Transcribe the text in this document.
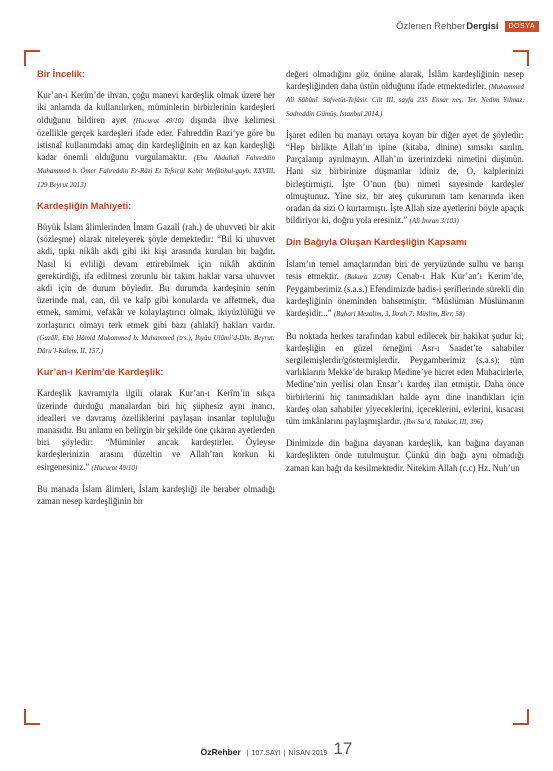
Özlenen Rehber Dergisi	DOSYA
Bir İncelik:

Kur’an-ı Kerîm’de ihvan, çoğu manevi kardeşlik olmak üzere her iki anlamda da kullanılırken, müminlerin birbirlerinin kardeşleri olduğunu bildiren ayet (Hucurat 49/10) dışında ihve kelimesi özellikle gerçek kardeşleri ifade eder. Fahreddin Razi’ye göre bu istisnaî kullanımdaki amaç din kardeşliğinin en az kan kardeşliği kadar önemli olduğunu vurgulamaktır. (Ebu Abdullah Fahreddin Muhammed b. Ömer Fahreddin Er-Râzi Et Tefsirül Kebir Mefâtihul-gayb, XXVIII, 129 Beyrut 2013)

Kardeşliğin Mahiyeti:

Büyük İslam âlimlerinden İmam Gazali (rah.) de uhuvveti bir akit (sözleşme) olarak niteleyerek şöyle demektedir: “Bil ki uhuvvet akdi, tıpkı nikâh akdi gibi iki kişi arasında kurulan bir bağdır. Nasıl ki evliliği devam ettirebilmek için nikâh akdinin gerektirdiği, ifa edilmesi zorunlu bir takım haklar varsa uhuvvet akdi için de durum böyledir. Bu durumda kardeşinin senin üzerinde mal, can, dil ve kalp gibi konularda ve affetmek, dua etmek, samimi, vefakâr ve kolaylaştırıcı olmak, ikiyüzlülüğü ve zorlaştırıcı olmayı terk etmek gibi bazı (ahlakî) hakları vardır. (Gazâlî, Ebû Hâmid Muhammed b. Muhammed (trs.), İhyâu Ulûmi’d-Dîn. Beyrut: Dâru’l-Kalem, II, 157.)

Kur’an-ı Kerim’de Kardeşlik:

Kardeşlik kavramıyla ilgili olarak Kur’an-ı Kerîm’in sıkça üzerinde durduğu manalardan biri hiç şüphesiz aynı inancı, idealleri ve davranış özelliklerini paylaşan insanlar topluluğu manasıdır. Bu anlamı en belirgin bir şekilde öne çıkaran ayetlerden biri şöyledir: “Müminler ancak kardeştirler. Öyleyse kardeşlerinizin arasını düzeltin ve Allah’tan korkun ki esirgenesiniz.” (Hucurat 49/10)

Bu manada İslam âlimleri, İslam kardeşliği ile beraber olmadığı zaman nesep kardeşliğinin bir

değeri olmadığını göz önüne alarak, İslâm kardeşliğinin nesep kardeşliğinden daha üstün olduğunu ifade etmektedirler. (Muhammed Ali Sâbûnî. Safvetüt-Tefâsir. Cilt III, sayfa 235 Ensar neş. Ter. Nedim Yılmaz, Sadreddin Gümüş, İstanbul 2014.)

İşaret edilen bu manayı ortaya koyan bir diğer ayet de şöyledir: “Hep birlikte Allah’ın ipine (kitaba, dinine) sımsıkı sarılın. Parçalanıp ayrılmayın. Allah’ın üzerinizdeki nimetini düşünün. Hani siz birbirinize düşmanlar idiniz de, O, kalplerinizi birleştirmişti. İşte O’nun (bu) nimeti sayesinde kardeşler olmuştunuz. Yine siz, bir ateş çukurunun tam kenarında iken oradan da sizi O kurtarmıştı. İşte Allah size ayetlerini böyle apaçık bildiriyor ki, doğru yola eresiniz.” (Ali İmran 3/103)

Din Bağıyla Oluşan Kardeşliğin Kapsamı

İslam’ın temel amaçlarından biri de yeryüzünde sulhu ve barışı tesis etmektir. (Bakara 2/208) Cenab-ı Hak Kur’an’ı Kerim’de, Peygamberimiz (s.a.s.) Efendimizde hadis-i şeriflerinde sürekli din kardeşliğinin öneminden bahsetmiştir. “Müslüman Müslümanın kardeşidir...” (Buhari Mezalim, 3, İkrah 7; Müslim, Birr, 58)

Bu noktada herkes tarafından kabul edilecek bir hakikat şudur ki; kardeşliğin en güzel örneğini Asr-ı Saadet’te sahabiler sergilemişlerdir/göstermişlerdir. Peygamberimiz (s.a.s); tüm varlıklarını Mekke’de bırakıp Medine’ye hicret eden Muhacirlerle, Medine’nin yerlisi olan Ensar’ı kardeş ilan etmiştir. Daha önce birbirlerini hiç tanımadıkları halde aynı dine inandıkları için kardeş olan sahabiler yiyeceklerini, içeceklerini, evlerini, kısacası tüm imkânlarını paylaşmışlardır. (İbn Sa’d, Tabakat, III, 396)

Dinimizde din bağına dayanan kardeşlik, kan bağına dayanan kardeşlikten önde tutulmuştur. Çünkü din bağı aynı olmadığı zaman kan bağı da kesilmektedir. Nitekim Allah (c.c) Hz. Nuh’un

ÖzRehber | 107.SAYI | NİSAN 2019 17
